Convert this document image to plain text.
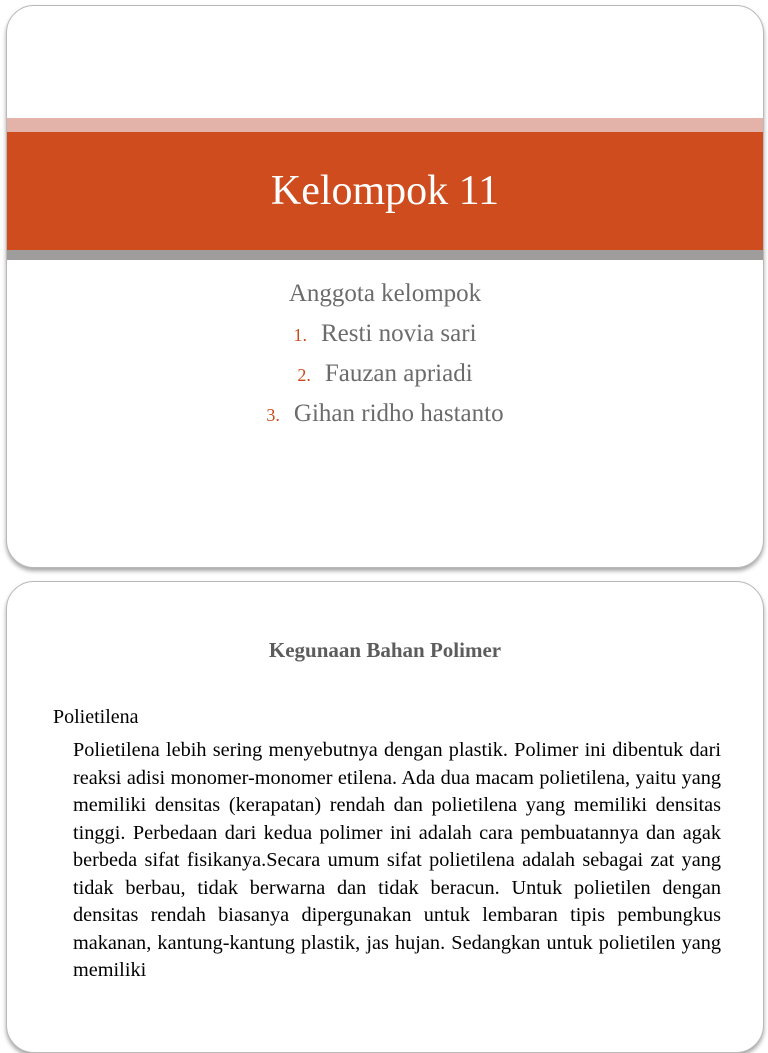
Kelompok 11
Anggota kelompok
1. Resti novia sari
2. Fauzan apriadi
3. Gihan ridho hastanto
Kegunaan Bahan Polimer
Polietilena

Polietilena lebih sering menyebutnya dengan plastik. Polimer ini dibentuk dari reaksi adisi monomer-monomer etilena. Ada dua macam polietilena, yaitu yang memiliki densitas (kerapatan) rendah dan polietilena yang memiliki densitas tinggi. Perbedaan dari kedua polimer ini adalah cara pembuatannya dan agak berbeda sifat fisikanya.Secara umum sifat polietilena adalah sebagai zat yang tidak berbau, tidak berwarna dan tidak beracun. Untuk polietilen dengan densitas rendah biasanya dipergunakan untuk lembaran tipis pembungkus makanan, kantung-kantung plastik, jas hujan. Sedangkan untuk polietilen yang memiliki
